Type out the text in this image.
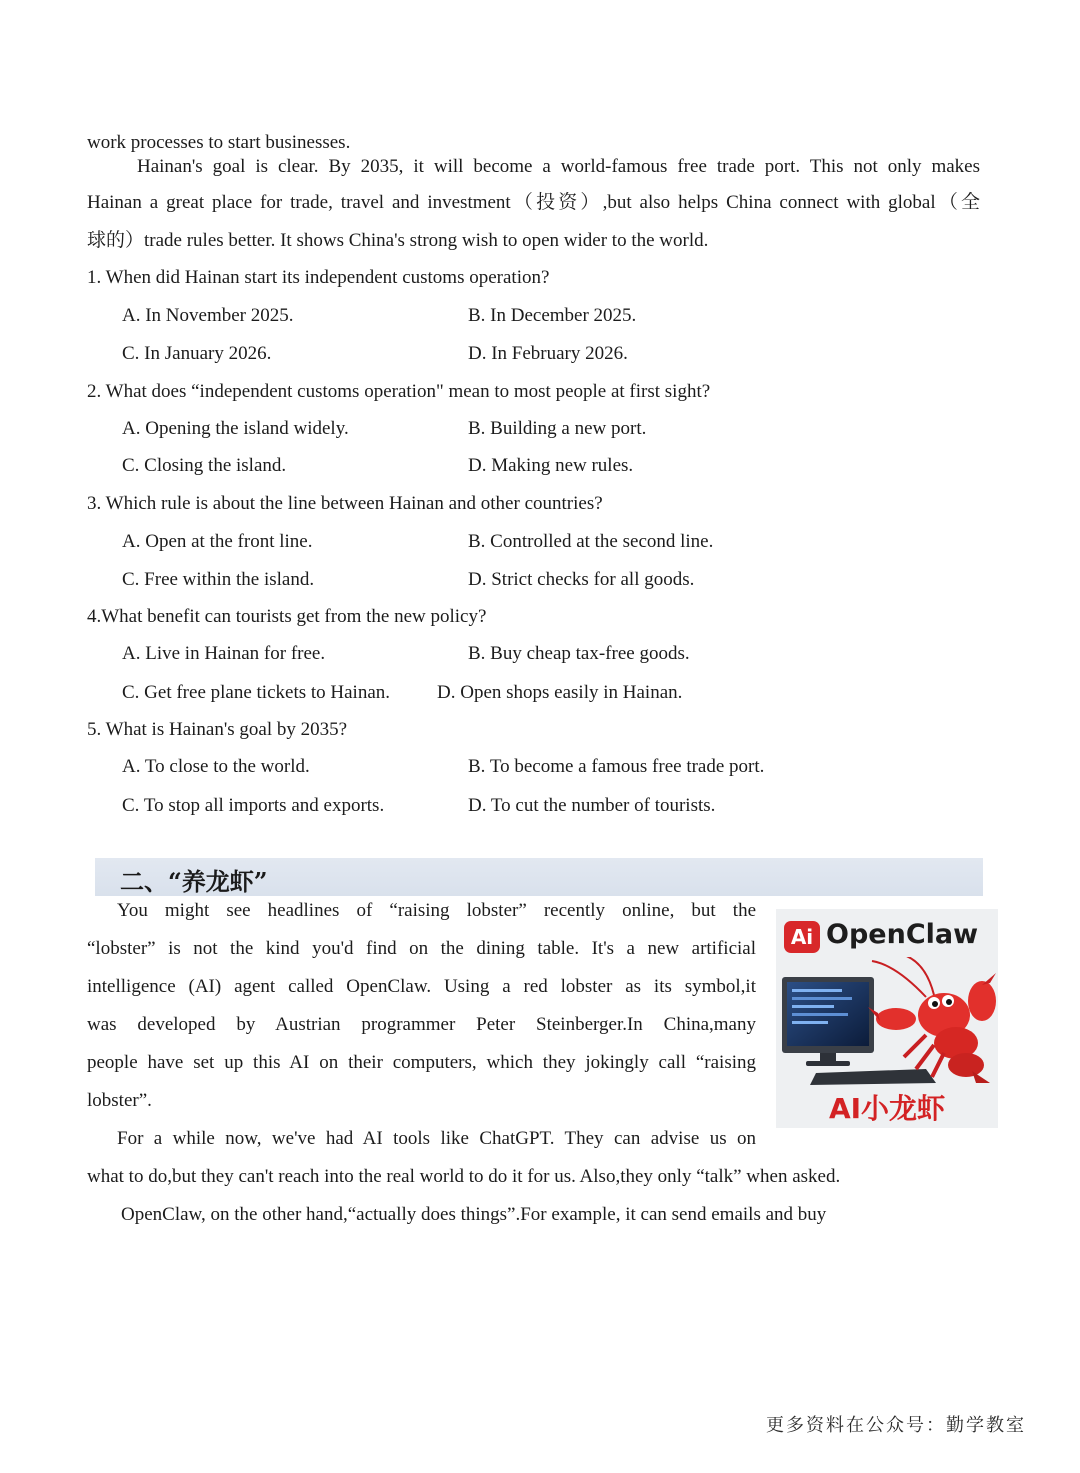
work processes to start businesses.
Hainan's goal is clear. By 2035, it will become a world-famous free trade port. This not only makes
Hainan a great place for trade, travel and investment（投资）,but also helps China connect with global（全
球的）trade rules better. It shows China's strong wish to open wider to the world.
1. When did Hainan start its independent customs operation?
A. In November 2025.	B. In December 2025.
C. In January 2026.	D. In February 2026.
2. What does “independent customs operation" mean to most people at first sight?
A. Opening the island widely.	B. Building a new port.
C. Closing the island.	D. Making new rules.
3. Which rule is about the line between Hainan and other countries?
A. Open at the front line.	B. Controlled at the second line.
C. Free within the island.	D. Strict checks for all goods.
4.What benefit can tourists get from the new policy?
A. Live in Hainan for free.	B. Buy cheap tax-free goods.
C. Get free plane tickets to Hainan. D. Open shops easily in Hainan.
5. What is Hainan's goal by 2035?
A. To close to the world.	B. To become a famous free trade port.
C. To stop all imports and exports.	D. To cut the number of tourists.
二、“养龙虾”
You might see headlines of “raising lobster” recently online, but the
“lobster” is not the kind you'd find on the dining table. It's a new artificial
intelligence (AI) agent called OpenClaw. Using a red lobster as its symbol,it
was developed by Austrian programmer Peter Steinberger.In China,many
people have set up this AI on their computers, which they jokingly call “raising
lobster”.
For a while now, we've had AI tools like ChatGPT. They can advise us on
what to do,but they can't reach into the real world to do it for us. Also,they only “talk” when asked.
OpenClaw, on the other hand,“actually does things”.For example, it can send emails and buy
Ai OpenClaw
AI小龙虾
更多资料在公众号：勤学教室
